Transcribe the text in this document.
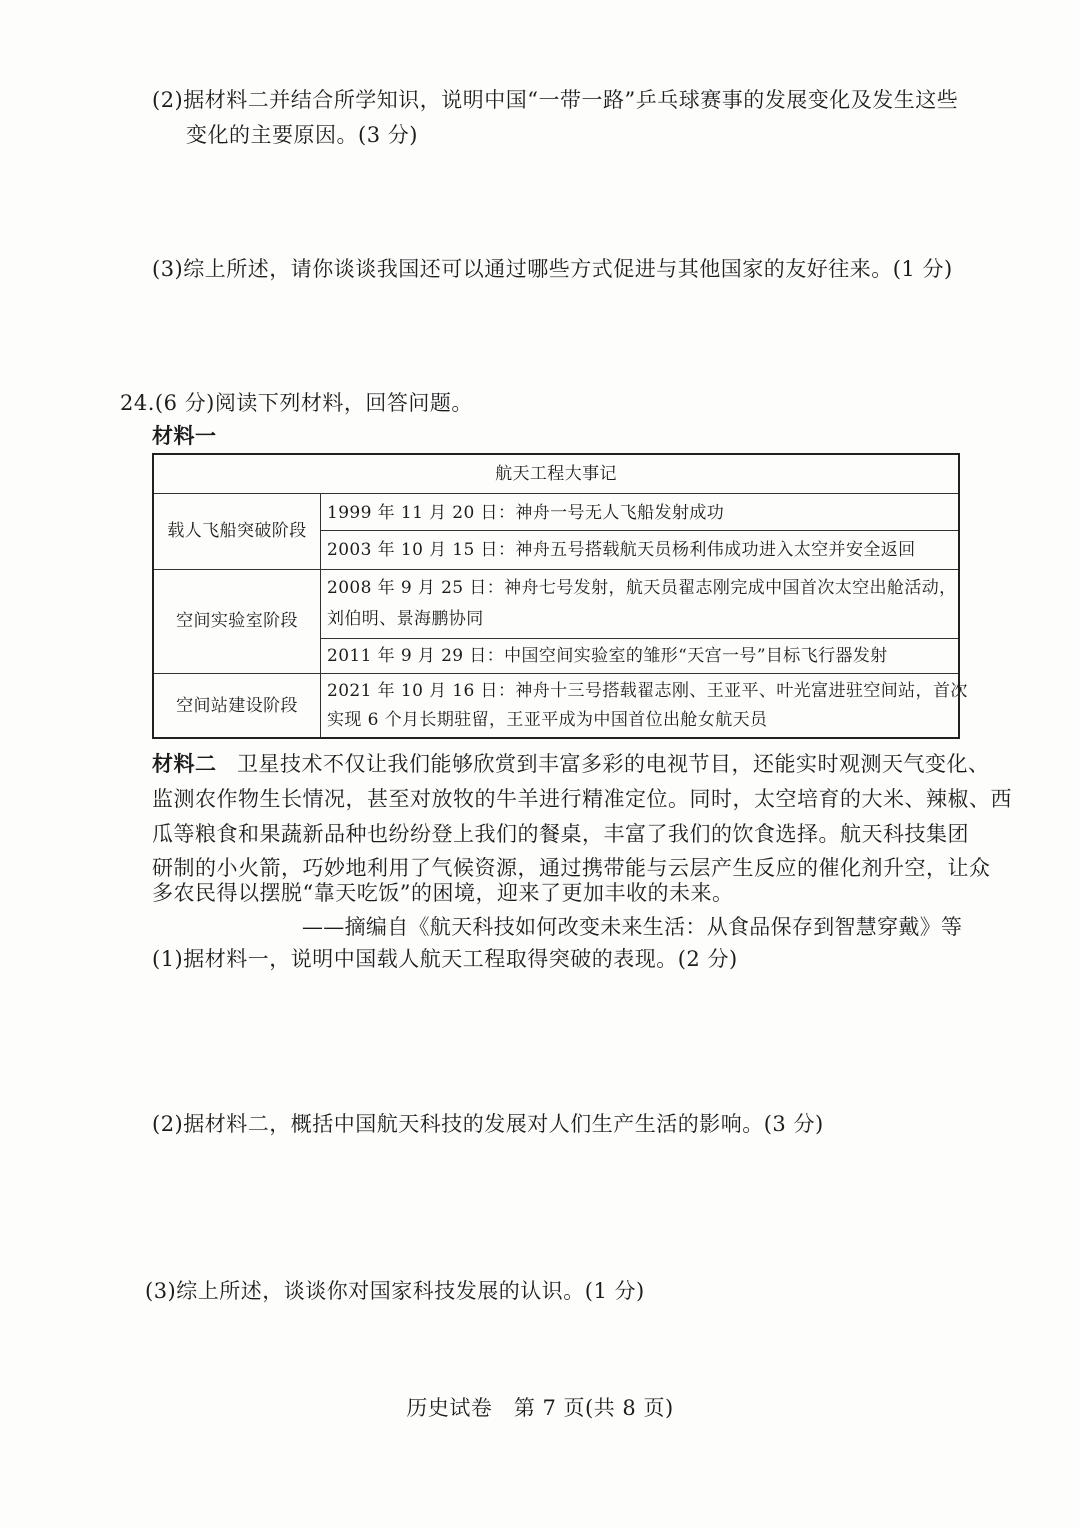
(2)据材料二并结合所学知识，说明中国“一带一路”乒乓球赛事的发展变化及发生这些
变化的主要原因。(3 分)
(3)综上所述，请你谈谈我国还可以通过哪些方式促进与其他国家的友好往来。(1 分)
24.(6 分)阅读下列材料，回答问题。
材料一
航天工程大事记
载人飞船突破阶段
1999 年 11 月 20 日：神舟一号无人飞船发射成功
2003 年 10 月 15 日：神舟五号搭载航天员杨利伟成功进入太空并安全返回
空间实验室阶段
2008 年 9 月 25 日：神舟七号发射，航天员翟志刚完成中国首次太空出舱活动，
刘伯明、景海鹏协同
2011 年 9 月 29 日：中国空间实验室的雏形“天宫一号”目标飞行器发射
空间站建设阶段
2021 年 10 月 16 日：神舟十三号搭载翟志刚、王亚平、叶光富进驻空间站，首次
实现 6 个月长期驻留，王亚平成为中国首位出舱女航天员
材料二 卫星技术不仅让我们能够欣赏到丰富多彩的电视节目，还能实时观测天气变化、
监测农作物生长情况，甚至对放牧的牛羊进行精准定位。同时，太空培育的大米、辣椒、西
瓜等粮食和果蔬新品种也纷纷登上我们的餐桌，丰富了我们的饮食选择。航天科技集团
研制的小火箭，巧妙地利用了气候资源，通过携带能与云层产生反应的催化剂升空，让众
多农民得以摆脱“靠天吃饭”的困境，迎来了更加丰收的未来。
——摘编自《航天科技如何改变未来生活：从食品保存到智慧穿戴》等
(1)据材料一，说明中国载人航天工程取得突破的表现。(2 分)
(2)据材料二，概括中国航天科技的发展对人们生产生活的影响。(3 分)
(3)综上所述，谈谈你对国家科技发展的认识。(1 分)
历史试卷　第 7 页(共 8 页)
